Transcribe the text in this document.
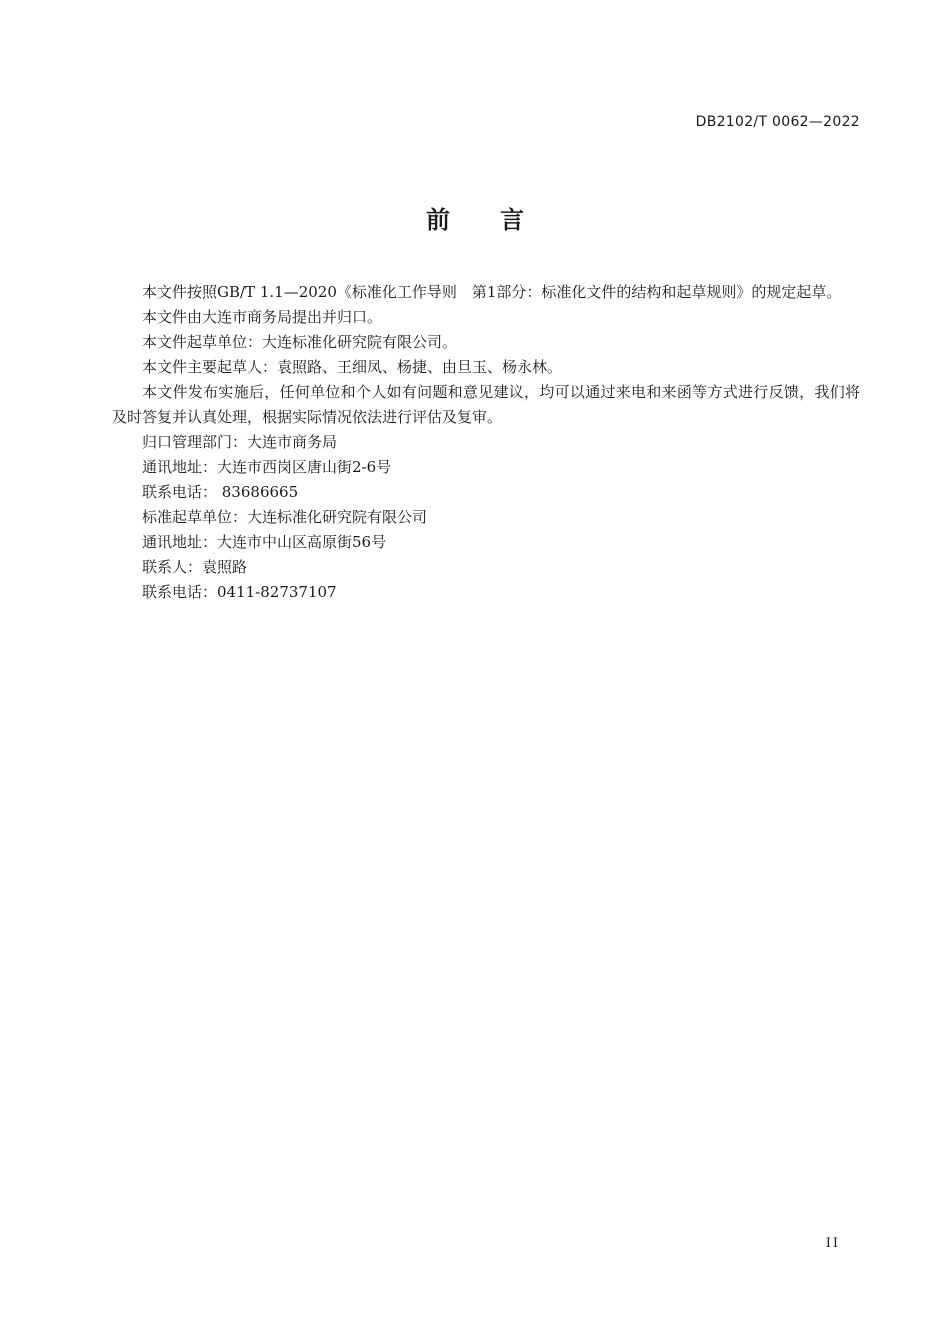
DB2102/T 0062—2022
前言

本文件按照GB/T 1.1—2020《标准化工作导则　第1部分：标准化文件的结构和起草规则》的规定起草。

本文件由大连市商务局提出并归口。

本文件起草单位：大连标准化研究院有限公司。

本文件主要起草人：袁照路、王细凤、杨捷、由旦玉、杨永林。

本文件发布实施后，任何单位和个人如有问题和意见建议，均可以通过来电和来函等方式进行反馈，我们将及时答复并认真处理，根据实际情况依法进行评估及复审。

归口管理部门：大连市商务局

通讯地址：大连市西岗区唐山街2-6号

联系电话： 83686665

标准起草单位：大连标准化研究院有限公司

通讯地址：大连市中山区高原街56号

联系人：袁照路

联系电话：0411-82737107

II
